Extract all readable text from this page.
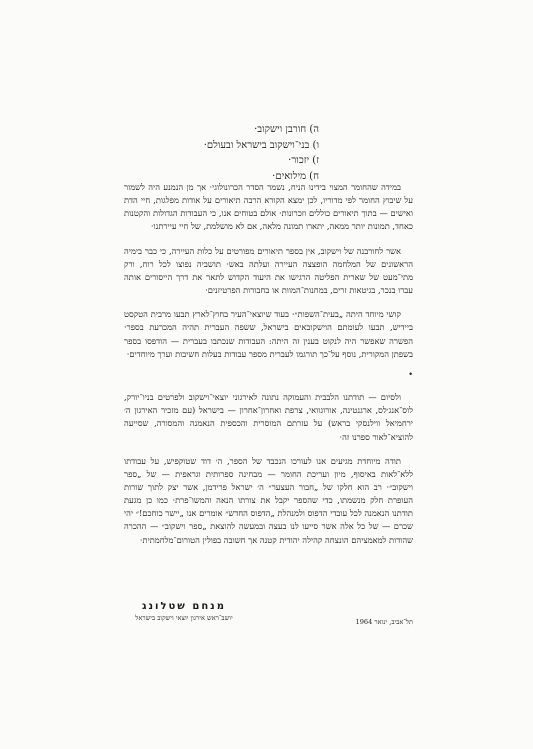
ה) חורבן וישקוב·
ו) בני־וישקוב בישראל ובעולם·
ז) יזכור·
ח) מילואים·

במידה שהחומר המצוי בידינו הניח, נשמר הסדר הכרונולוגי· אך מן הנמנע היה לשמור על שיבוץ החומר לפי מדוריו, לכן ימצא הקורא הרבה תיאורים על אודות מפלגות, חיי הדת ואישים — בתוך תיאורים כוללים וזכרונות· אולם בטוחים אנו, כי העבודות הגדולות והקטנות כאחד, תמונות יותר ממאה, יתארו תמונה מלאה, אם לא מושלמת, של חיי עיירתנו·

אשר לחורבנה של וישקוב, אין בספר תיאורים מפורטים על כלות העיירה, כי כבר בימיה הראשונים של המלחמה הופצצה העיירה ועלתה באש· תושביה נפוצו לכל רוח, ורק מתי־מעט של שארית הפליטה הרגישו את היעוד הקדוש לתאר את דרך הייסורים אותה עברו בנכר, בגיטאות זרים, במחנות־המוות או בחבורות הפרטיזנים·

קושי מיוחד היתה „בעית־השפות״· בעוד שיוצאי־העיר בחוץ־לארץ תבעו מרבית הטקסט ביידיש, תבעו לעומתם הוישקובאים בישראל, ששפה העברית תהיה המכרעת בספר· הפשרה שאפשר היה לנקוט בענין זה היתה: העבודות שנכתבו בעברית — הודפסו בספר בשפתן המקורית, נוסף על־כך תורגמו לעברית מספר עבודות בעלות חשיבות וערך מיוחדים·

•

ולסיום — תודתנו הלבבית והעמוקה נתונה לאירגוני יוצאי־וישקוב ולפרטים בניו־יורק, לוס־אנג׳לס, ארגנטינה, אורוגוואי, צרפת ואחרון־אחרון — בישראל (עם מזכיר האירגון ה׳ ירחמיאל ווילנסקי בראש) על עזרתם המוסרית והכספית הנאמנה והמסורה, שסייעה להוציא־לאור ספרנו זה·

תודה מיוחדת מגיעים אנו לעורכו הנכבד של הספר, ה׳ דוד שטוקפיש, על עבודתו ללא־לאות באיסוף, מיון ועריכת החומר — מבחינה ספרותית וגראפית — של „ספר וישקוב״· רב הוא חלקו של „חבור העצער״ ה׳ ישראל פרידמן, אשר יצק לתוך שורות העופרת חלק מנשמתו, כדי שהספר יקבל את צורתו הנאה והמשו־פרת· כמו כן מגעת תודתנו הנאמנה לכל עובדי הדפוס ולמנהלת „הדפוס החדש״ אומרים אנו „יישר כוחכם!״ יהי שכרם — של כל אלה אשר סייעו לנו בעצה ובמעשה להוצאת „ספר וישקוב״ — ההכרה שהודות למאמציהם הונצחה קהילה יהודית קטנה אך חשובה בפולין הטורום־מלחמתית·

מנחם שטלונג
יושב־ראש אירגון יוצאי וישקוב בישראל	תל־אביב, ינואר 1964
